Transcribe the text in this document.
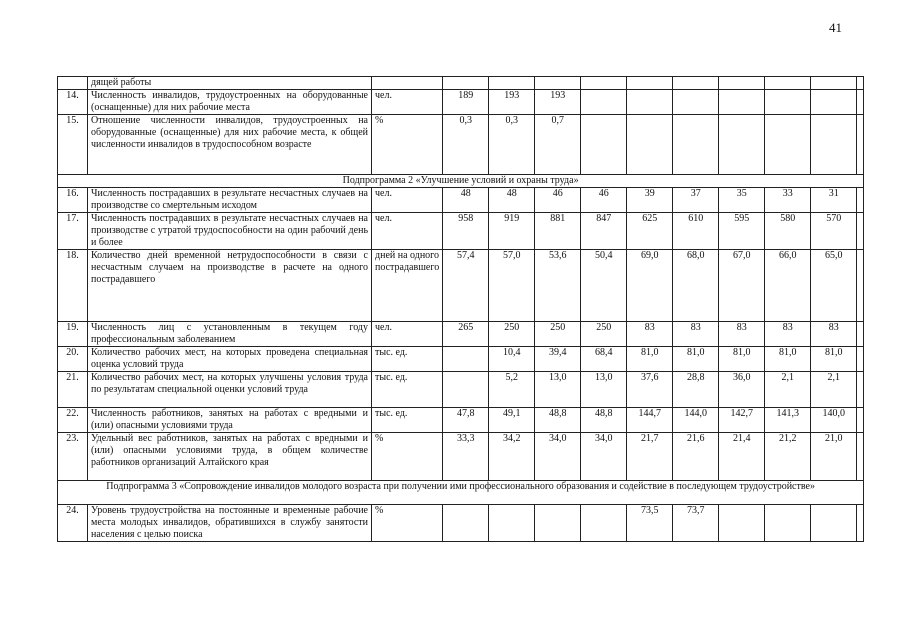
41
	дящей работы											
14.	Численность инвалидов, трудоустроенных на оборудованные (оснащенные) для них рабочие места	чел.	189	193	193							
15.	Отношение численности инвалидов, трудоустроенных на оборудованные (оснащенные) для них рабочие места, к общей численности инвалидов в трудоспособном возрасте	%	0,3	0,3	0,7							
Подпрограмма 2 «Улучшение условий и охраны труда»												
16.	Численность пострадавших в результате несчастных случаев на производстве со смертельным исходом	чел.	48	48	46	46	39	37	35	33	31	
17.	Численность пострадавших в результате несчастных случаев на производстве с утратой трудоспособности на один рабочий день и более	чел.	958	919	881	847	625	610	595	580	570	
18.	Количество дней временной нетрудоспособности в связи с несчастным случаем на производстве в расчете на одного пострадавшего	дней на одного пострадавшего	57,4	57,0	53,6	50,4	69,0	68,0	67,0	66,0	65,0	
19.	Численность лиц с установленным в текущем году профессиональным заболеванием	чел.	265	250	250	250	83	83	83	83	83	
20.	Количество рабочих мест, на которых проведена специальная оценка условий труда	тыс. ед.		10,4	39,4	68,4	81,0	81,0	81,0	81,0	81,0	
21.	Количество рабочих мест, на которых улучшены условия труда по результатам специальной оценки условий труда	тыс. ед.		5,2	13,0	13,0	37,6	28,8	36,0	2,1	2,1	
22.	Численность работников, занятых на работах с вредными и (или) опасными условиями труда	тыс. ед.	47,8	49,1	48,8	48,8	144,7	144,0	142,7	141,3	140,0	
23.	Удельный вес работников, занятых на работах с вредными и (или) опасными условиями труда, в общем количестве работников организаций Алтайского края	%	33,3	34,2	34,0	34,0	21,7	21,6	21,4	21,2	21,0	
Подпрограмма 3 «Сопровождение инвалидов молодого возраста при получении ими профессионального образования и содействие в последующем трудоустройстве»												
24.	Уровень трудоустройства на постоянные и временные рабочие места молодых инвалидов, обратившихся в службу занятости населения с целью поиска	%					73,5	73,7				
